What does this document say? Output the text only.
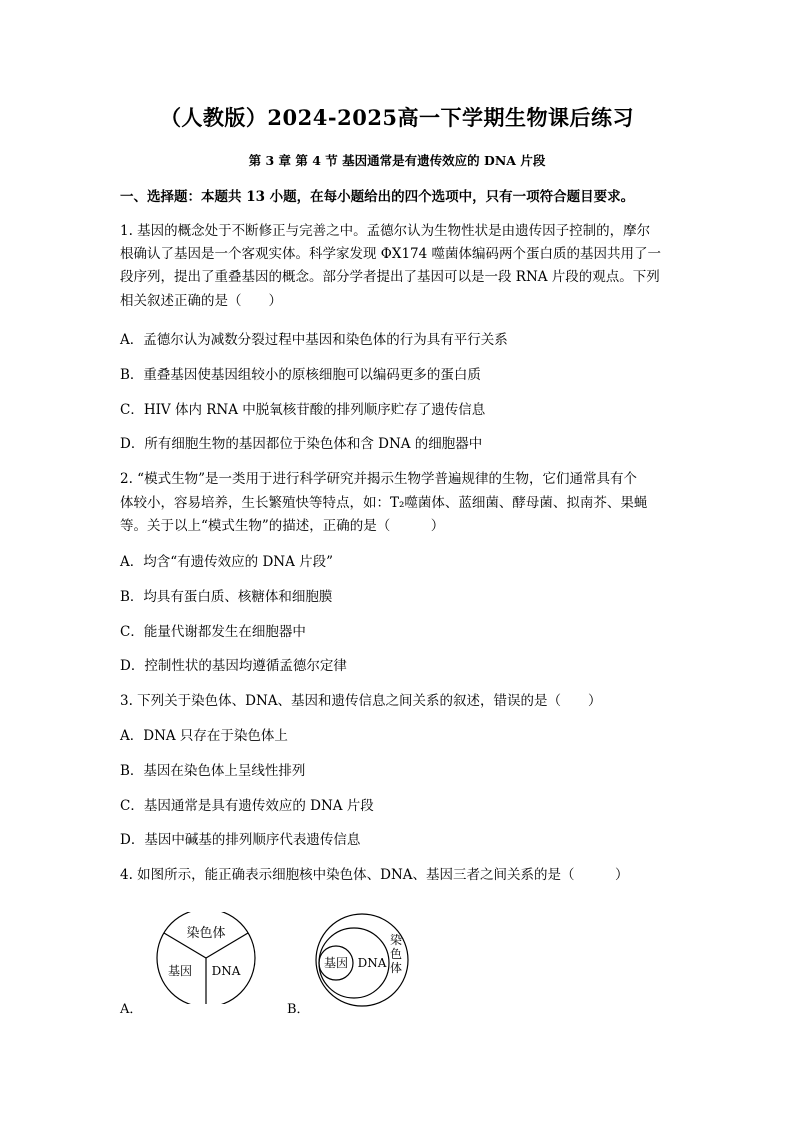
（人教版）2024-2025高一下学期生物课后练习
第 3 章 第 4 节 基因通常是有遗传效应的 DNA 片段
一、选择题：本题共 13 小题，在每小题给出的四个选项中，只有一项符合题目要求。
1. 基因的概念处于不断修正与完善之中。孟德尔认为生物性状是由遗传因子控制的，摩尔
根确认了基因是一个客观实体。科学家发现 ΦX174 噬菌体编码两个蛋白质的基因共用了一
段序列，提出了重叠基因的概念。部分学者提出了基因可以是一段 RNA 片段的观点。下列
相关叙述正确的是（　　）
A．孟德尔认为减数分裂过程中基因和染色体的行为具有平行关系
B．重叠基因使基因组较小的原核细胞可以编码更多的蛋白质
C．HIV 体内 RNA 中脱氧核苷酸的排列顺序贮存了遗传信息
D．所有细胞生物的基因都位于染色体和含 DNA 的细胞器中
2. “模式生物”是一类用于进行科学研究并揭示生物学普遍规律的生物，它们通常具有个
体较小，容易培养，生长繁殖快等特点，如：T₂噬菌体、蓝细菌、酵母菌、拟南芥、果蝇
等。关于以上“模式生物”的描述，正确的是（　　　）
A．均含“有遗传效应的 DNA 片段”
B．均具有蛋白质、核糖体和细胞膜
C．能量代谢都发生在细胞器中
D．控制性状的基因均遵循孟德尔定律
3. 下列关于染色体、DNA、基因和遗传信息之间关系的叙述，错误的是（　　）
A．DNA 只存在于染色体上
B．基因在染色体上呈线性排列
C．基因通常是具有遗传效应的 DNA 片段
D．基因中碱基的排列顺序代表遗传信息
4. 如图所示，能正确表示细胞核中染色体、DNA、基因三者之间关系的是（　　　）
A．
染色体
基因 DNA
B．
基因 DNA
染
色
体
